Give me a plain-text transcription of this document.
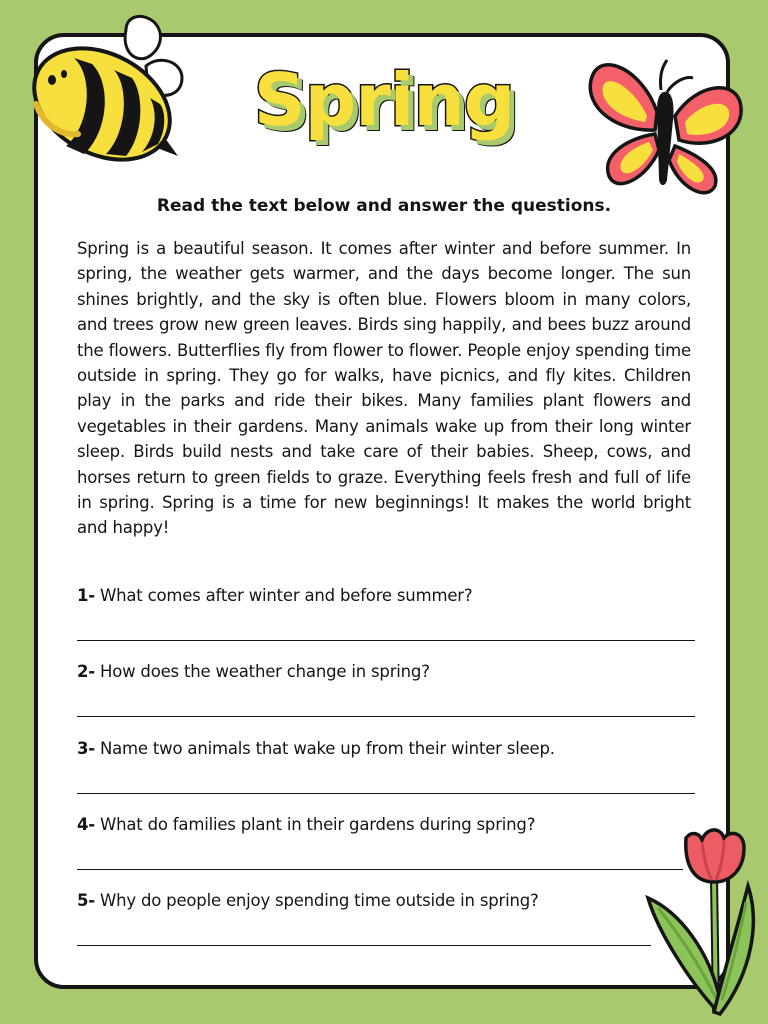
Spring
Read the text below and answer the questions.

Spring is a beautiful season. It comes after winter and before summer. In spring, the weather gets warmer, and the days become longer. The sun shines brightly, and the sky is often blue. Flowers bloom in many colors, and trees grow new green leaves. Birds sing happily, and bees buzz around the flowers. Butterflies fly from flower to flower. People enjoy spending time outside in spring. They go for walks, have picnics, and fly kites. Children play in the parks and ride their bikes. Many families plant flowers and vegetables in their gardens. Many animals wake up from their long winter sleep. Birds build nests and take care of their babies. Sheep, cows, and horses return to green fields to graze. Everything feels fresh and full of life in spring. Spring is a time for new beginnings! It makes the world bright and happy!

1- What comes after winter and before summer?
2- How does the weather change in spring?
3- Name two animals that wake up from their winter sleep.
4- What do families plant in their gardens during spring?
5- Why do people enjoy spending time outside in spring?
